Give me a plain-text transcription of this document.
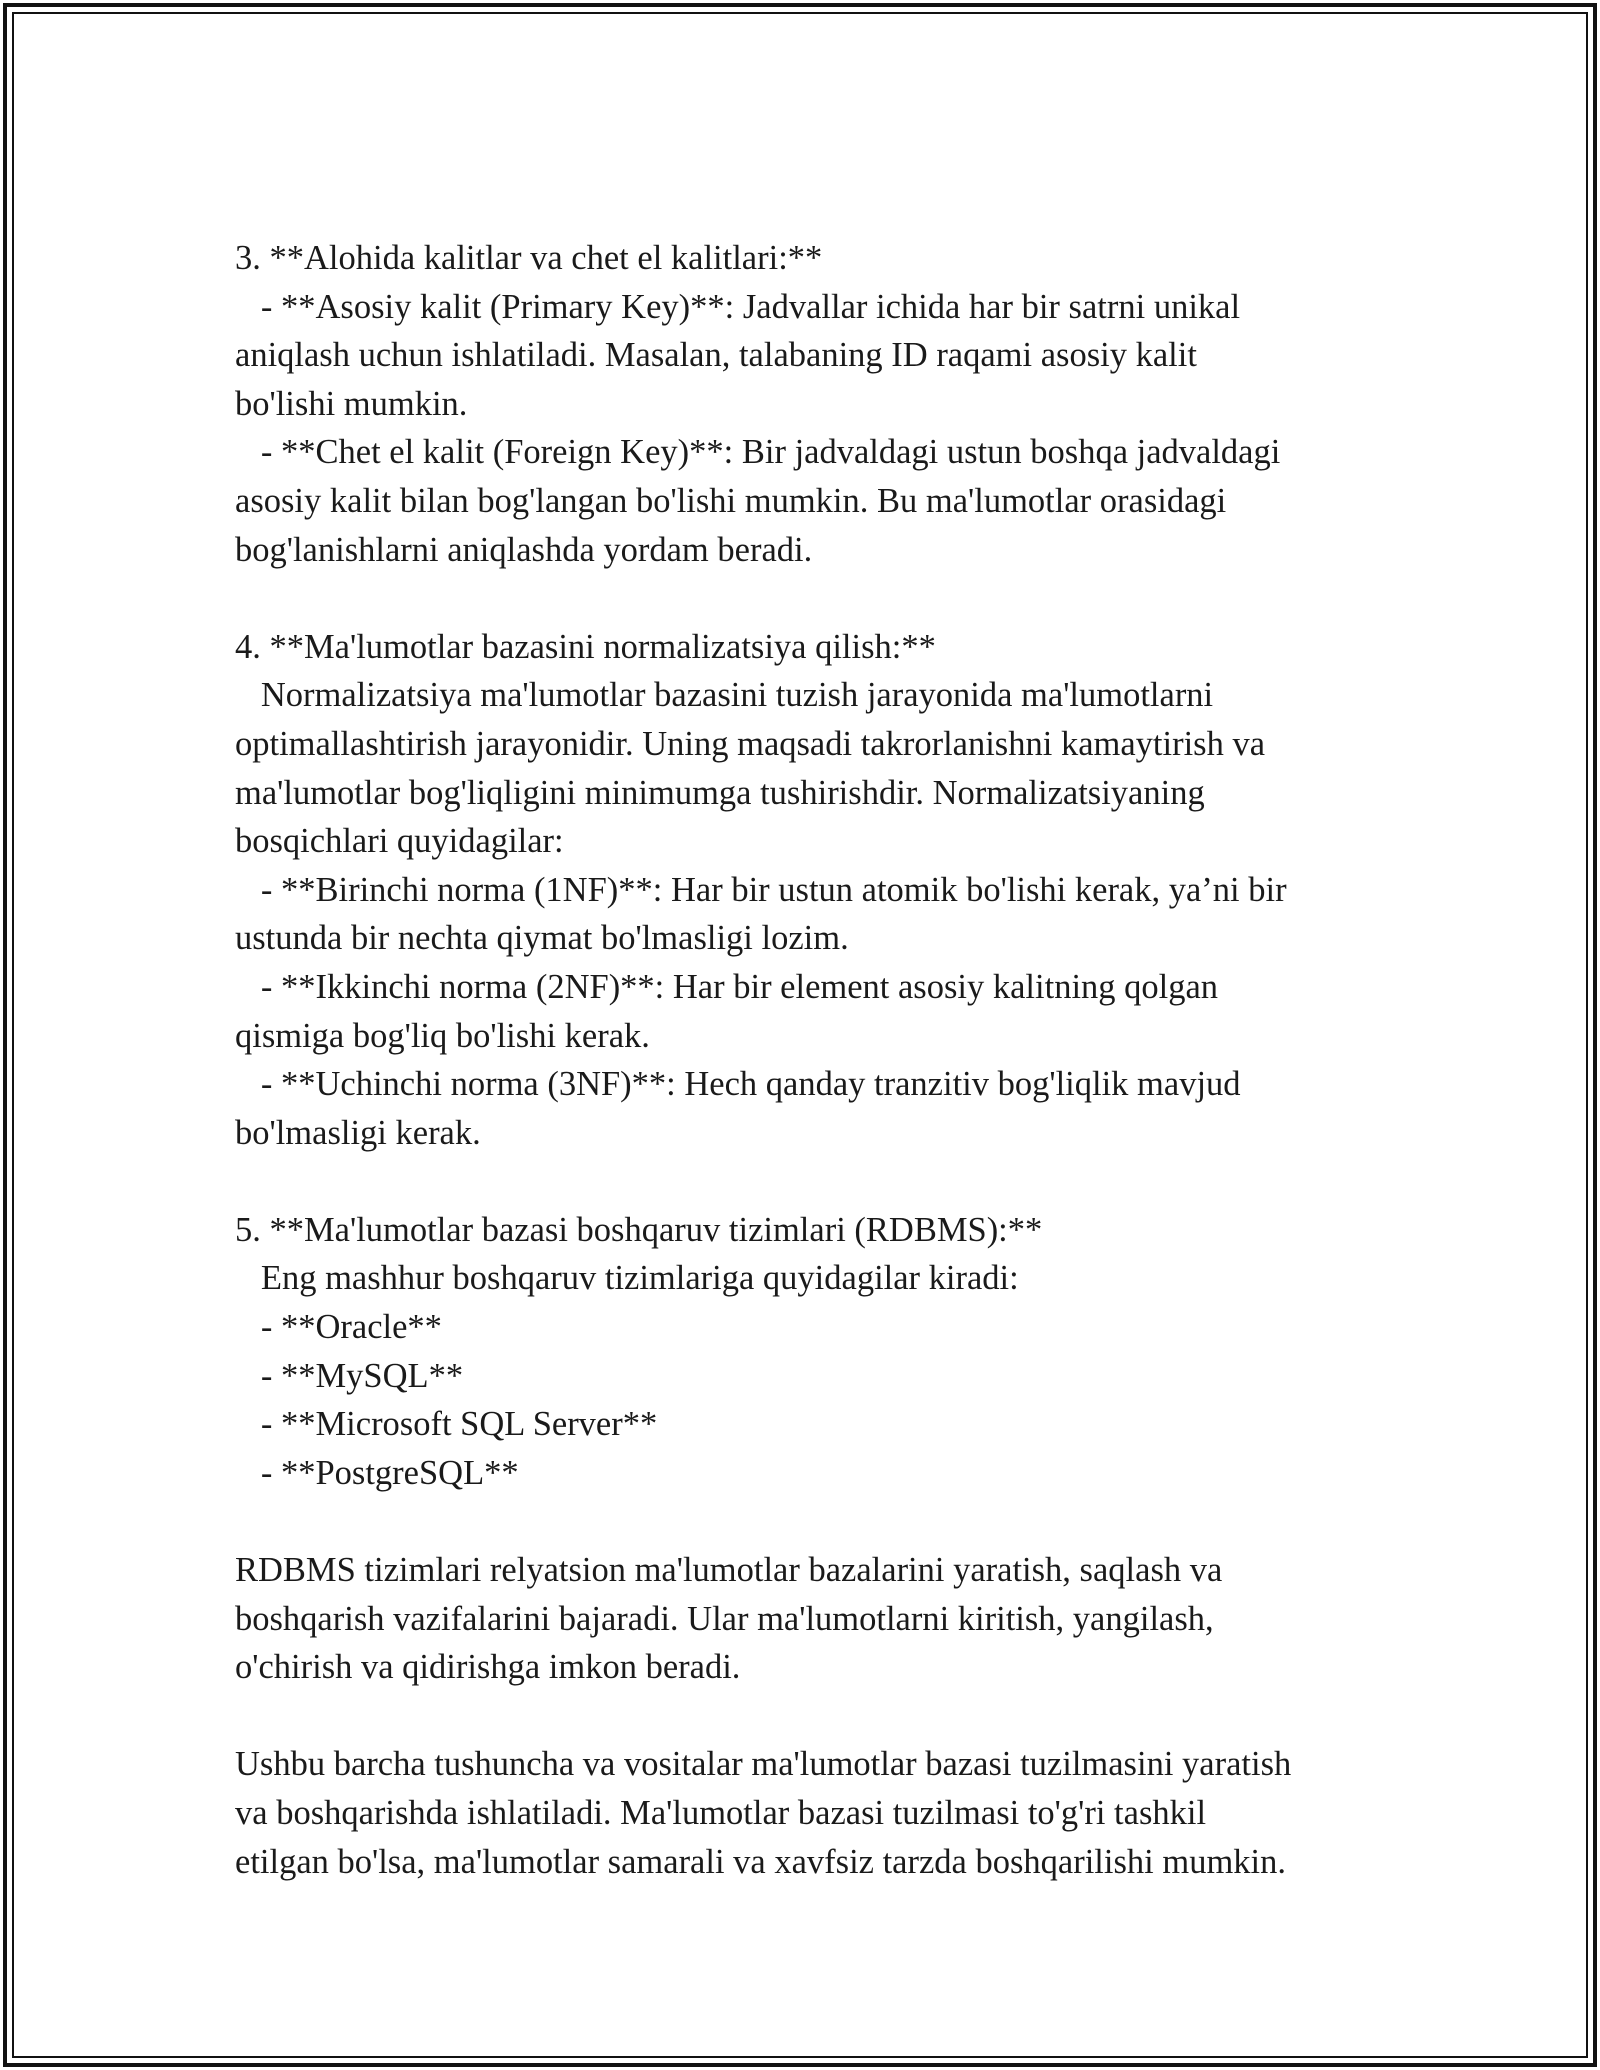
3. **Alohida kalitlar va chet el kalitlari:**
- **Asosiy kalit (Primary Key)**: Jadvallar ichida har bir satrni unikal
aniqlash uchun ishlatiladi. Masalan, talabaning ID raqami asosiy kalit
bo'lishi mumkin.
- **Chet el kalit (Foreign Key)**: Bir jadvaldagi ustun boshqa jadvaldagi
asosiy kalit bilan bog'langan bo'lishi mumkin. Bu ma'lumotlar orasidagi
bog'lanishlarni aniqlashda yordam beradi.
4. **Ma'lumotlar bazasini normalizatsiya qilish:**
Normalizatsiya ma'lumotlar bazasini tuzish jarayonida ma'lumotlarni
optimallashtirish jarayonidir. Uning maqsadi takrorlanishni kamaytirish va
ma'lumotlar bog'liqligini minimumga tushirishdir. Normalizatsiyaning
bosqichlari quyidagilar:
- **Birinchi norma (1NF)**: Har bir ustun atomik bo'lishi kerak, ya’ni bir
ustunda bir nechta qiymat bo'lmasligi lozim.
- **Ikkinchi norma (2NF)**: Har bir element asosiy kalitning qolgan
qismiga bog'liq bo'lishi kerak.
- **Uchinchi norma (3NF)**: Hech qanday tranzitiv bog'liqlik mavjud
bo'lmasligi kerak.
5. **Ma'lumotlar bazasi boshqaruv tizimlari (RDBMS):**
Eng mashhur boshqaruv tizimlariga quyidagilar kiradi:
- **Oracle**
- **MySQL**
- **Microsoft SQL Server**
- **PostgreSQL**
RDBMS tizimlari relyatsion ma'lumotlar bazalarini yaratish, saqlash va
boshqarish vazifalarini bajaradi. Ular ma'lumotlarni kiritish, yangilash,
o'chirish va qidirishga imkon beradi.
Ushbu barcha tushuncha va vositalar ma'lumotlar bazasi tuzilmasini yaratish
va boshqarishda ishlatiladi. Ma'lumotlar bazasi tuzilmasi to'g'ri tashkil
etilgan bo'lsa, ma'lumotlar samarali va xavfsiz tarzda boshqarilishi mumkin.
